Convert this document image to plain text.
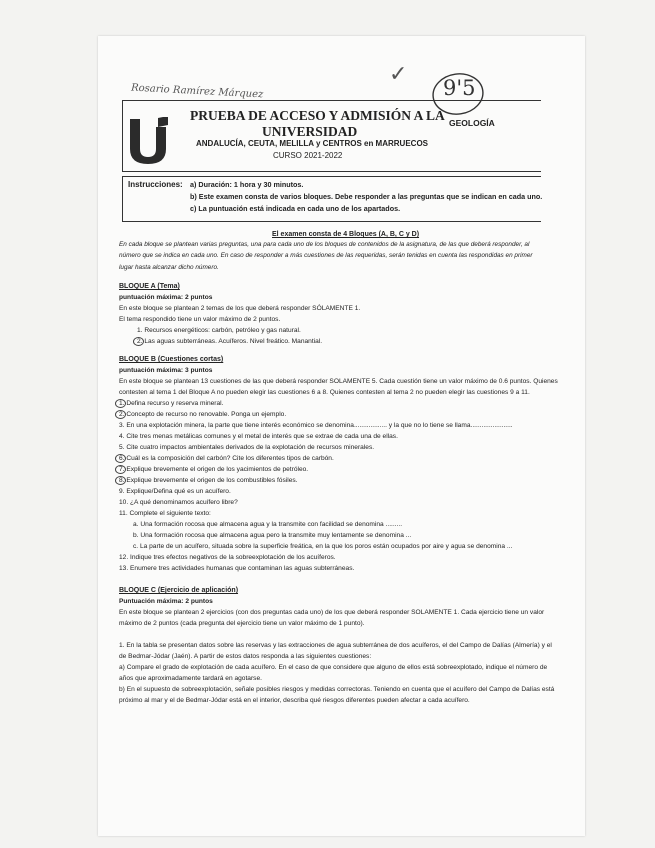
Rosario Ramírez Márquez
✓
9'5
PRUEBA DE ACCESO Y ADMISIÓN A LA
UNIVERSIDAD
ANDALUCÍA, CEUTA, MELILLA y CENTROS en MARRUECOS
CURSO 2021-2022
GEOLOGÍA
Instrucciones: a) Duración: 1 hora y 30 minutos.
b) Este examen consta de varios bloques. Debe responder a las preguntas que se indican en cada uno.
c) La puntuación está indicada en cada uno de los apartados.
El examen consta de 4 Bloques (A, B, C y D)
En cada bloque se plantean varias preguntas, una para cada uno de los bloques de contenidos de la asignatura, de las que deberá responder, al
número que se indica en cada uno. En caso de responder a más cuestiones de las requeridas, serán tenidas en cuenta las respondidas en primer
lugar hasta alcanzar dicho número.
BLOQUE A (Tema)
puntuación máxima: 2 puntos
En este bloque se plantean 2 temas de los que deberá responder SÓLAMENTE 1.
El tema respondido tiene un valor máximo de 2 puntos.
1. Recursos energéticos: carbón, petróleo y gas natural.
2. Las aguas subterráneas. Acuíferos. Nivel freático. Manantial.
BLOQUE B (Cuestiones cortas)
puntuación máxima: 3 puntos
En este bloque se plantean 13 cuestiones de las que deberá responder SOLAMENTE 5. Cada cuestión tiene un valor máximo de 0.6 puntos. Quienes
contesten al tema 1 del Bloque A no pueden elegir las cuestiones 6 a 8. Quienes contesten al tema 2 no pueden elegir las cuestiones 9 a 11.
1. Defina recurso y reserva mineral.
2. Concepto de recurso no renovable. Ponga un ejemplo.
3. En una explotación minera, la parte que tiene interés económico se denomina.................. y la que no lo tiene se llama.......................
4. Cite tres menas metálicas comunes y el metal de interés que se extrae de cada una de ellas.
5. Cite cuatro impactos ambientales derivados de la explotación de recursos minerales.
6. Cuál es la composición del carbón? Cite los diferentes tipos de carbón.
7. Explique brevemente el origen de los yacimientos de petróleo.
8. Explique brevemente el origen de los combustibles fósiles.
9. Explique/Defina qué es un acuífero.
10. ¿A qué denominamos acuífero libre?
11. Complete el siguiente texto:
a. Una formación rocosa que almacena agua y la transmite con facilidad se denomina .........
b. Una formación rocosa que almacena agua pero la transmite muy lentamente se denomina ...
c. La parte de un acuífero, situada sobre la superficie freática, en la que los poros están ocupados por aire y agua se denomina ...
12. Indique tres efectos negativos de la sobreexplotación de los acuíferos.
13. Enumere tres actividades humanas que contaminan las aguas subterráneas.
BLOQUE C (Ejercicio de aplicación)
Puntuación máxima: 2 puntos
En este bloque se plantean 2 ejercicios (con dos preguntas cada uno) de los que deberá responder SOLAMENTE 1. Cada ejercicio tiene un valor
máximo de 2 puntos (cada pregunta del ejercicio tiene un valor máximo de 1 punto).
1. En la tabla se presentan datos sobre las reservas y las extracciones de agua subterránea de dos acuíferos, el del Campo de Dalías (Almería) y el
de Bedmar-Jódar (Jaén). A partir de estos datos responda a las siguientes cuestiones:
a) Compare el grado de explotación de cada acuífero. En el caso de que considere que alguno de ellos está sobreexplotado, indique el número de
años que aproximadamente tardará en agotarse.
b) En el supuesto de sobreexplotación, señale posibles riesgos y medidas correctoras. Teniendo en cuenta que el acuífero del Campo de Dalías está
próximo al mar y el de Bedmar-Jódar está en el interior, describa qué riesgos diferentes pueden afectar a cada acuífero.
